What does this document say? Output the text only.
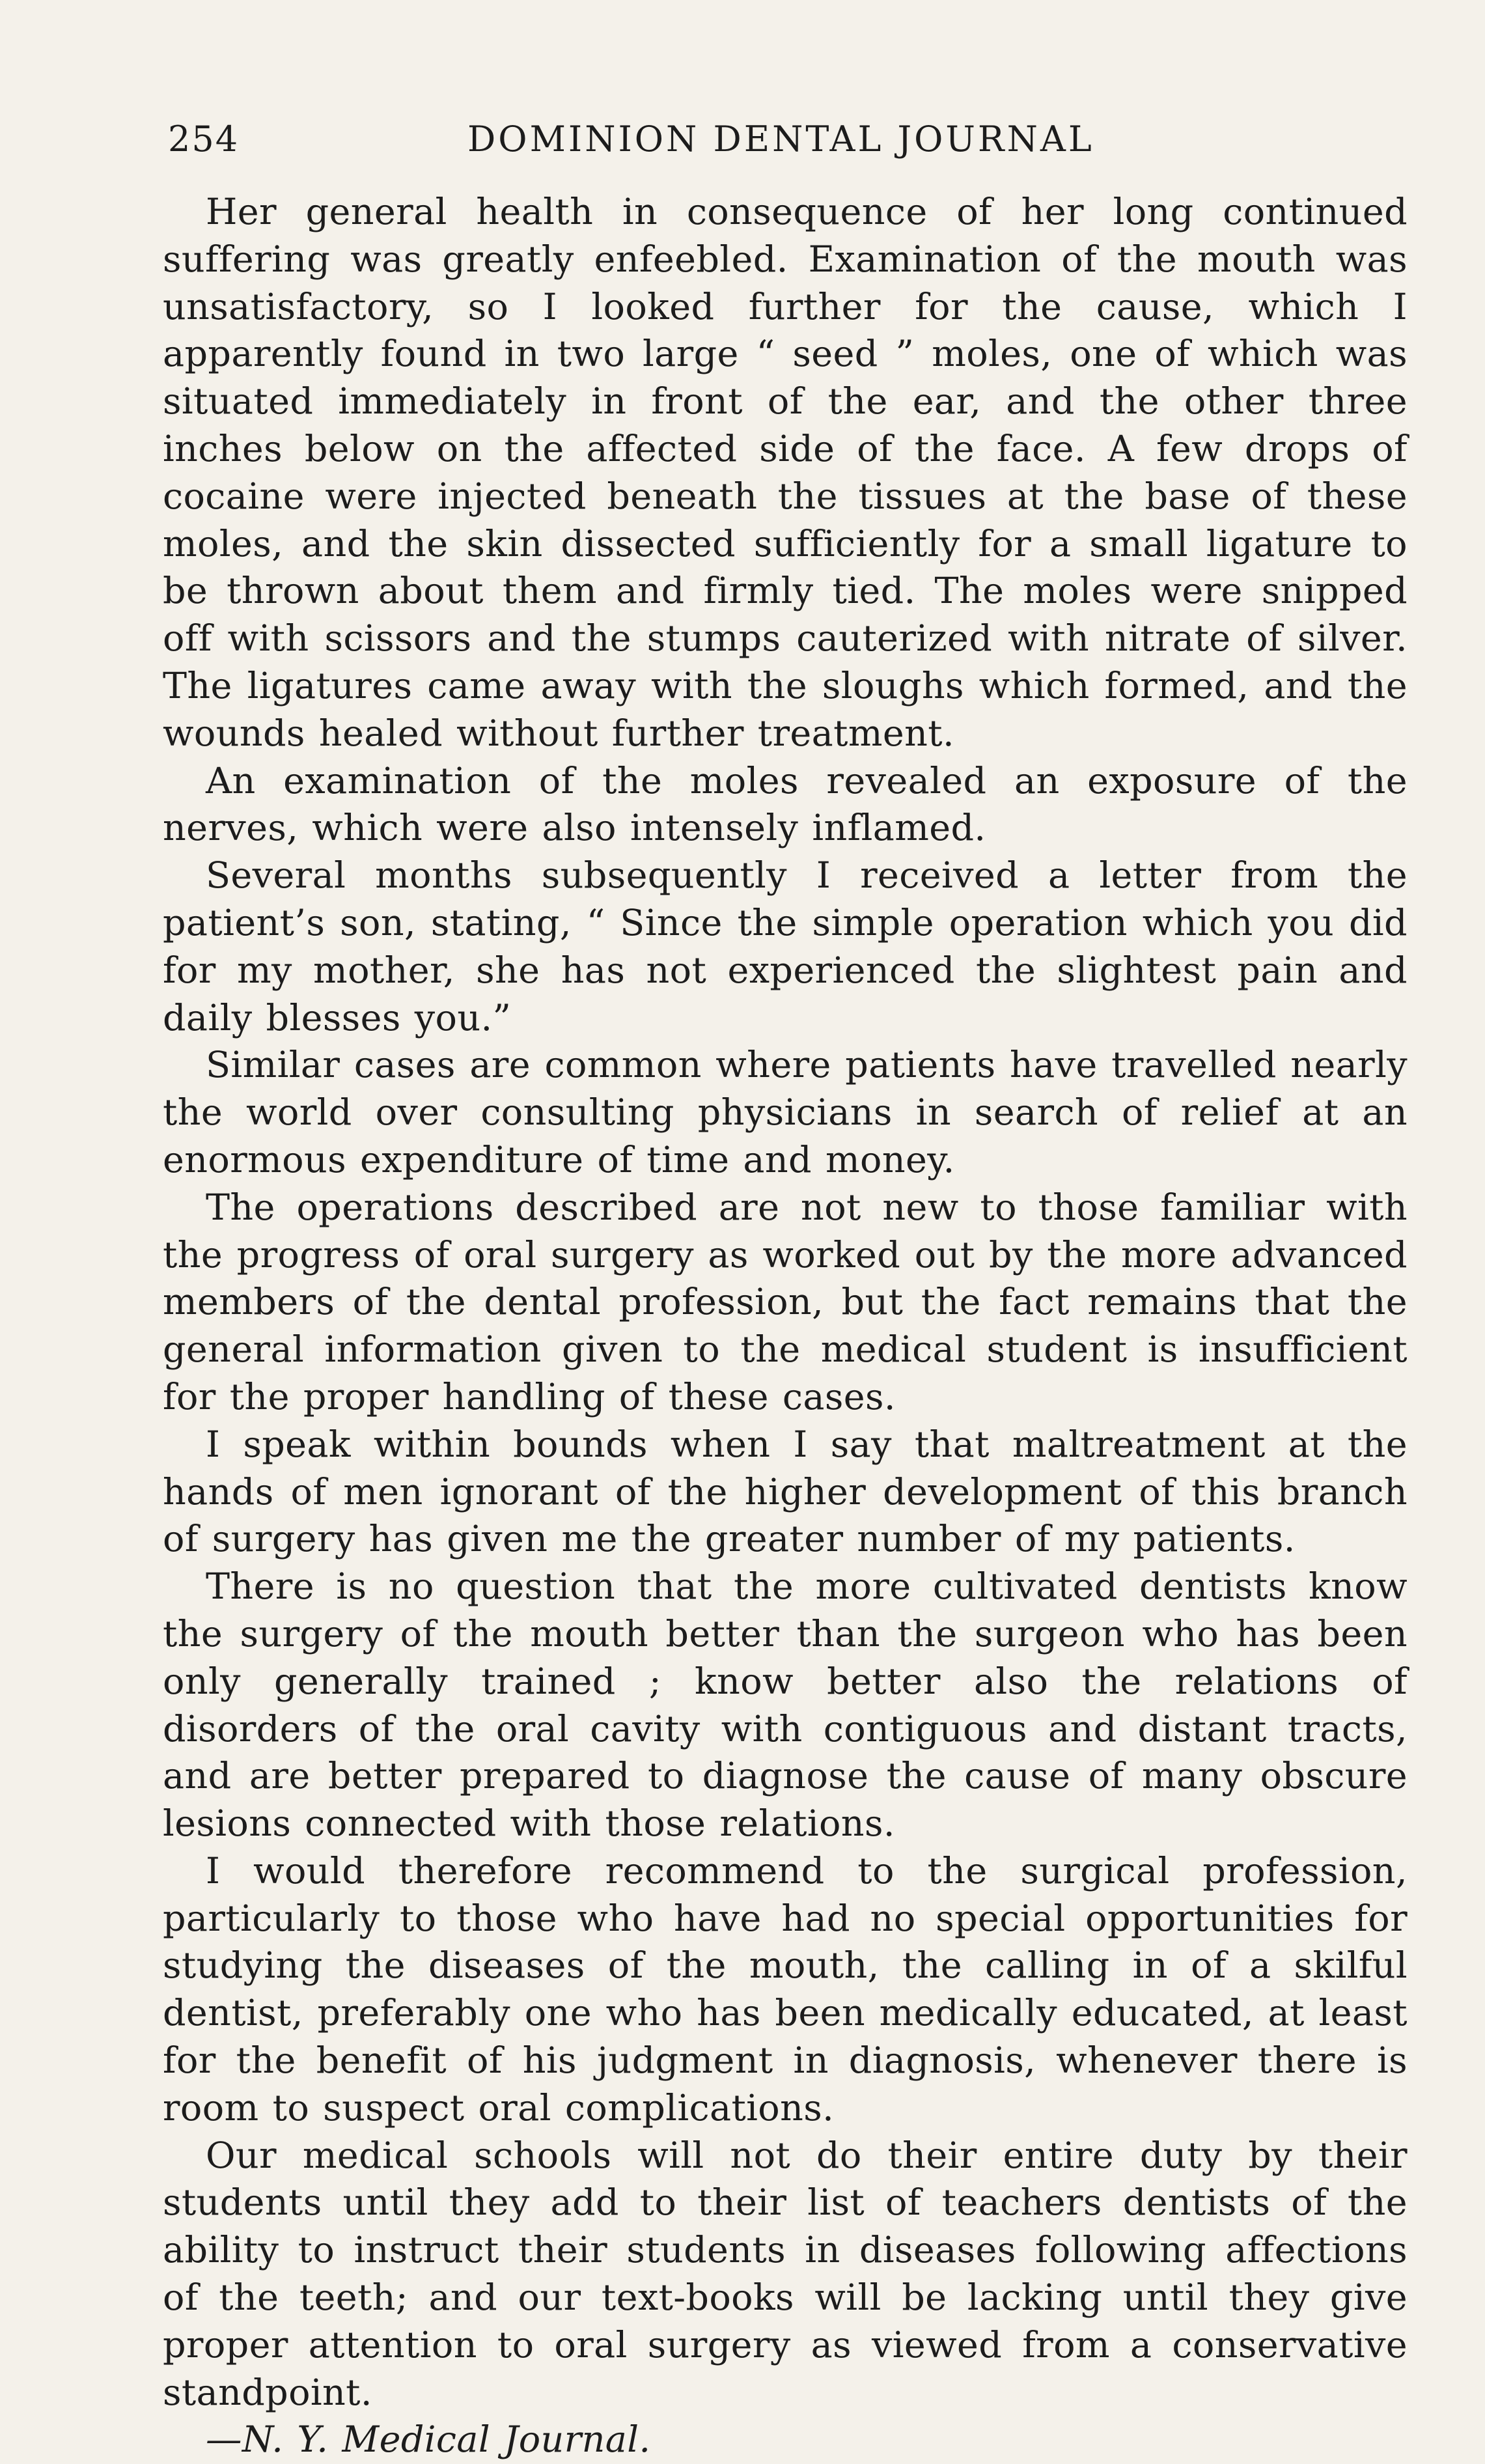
254	DOMINION DENTAL JOURNAL

Her general health in consequence of her long continued suffering was greatly enfeebled. Examination of the mouth was unsatisfactory, so I looked further for the cause, which I apparently found in two large “ seed ” moles, one of which was situated immediately in front of the ear, and the other three inches below on the affected side of the face. A few drops of cocaine were injected beneath the tissues at the base of these moles, and the skin dissected sufficiently for a small ligature to be thrown about them and firmly tied. The moles were snipped off with scissors and the stumps cauterized with nitrate of silver. The ligatures came away with the sloughs which formed, and the wounds healed without further treatment.

An examination of the moles revealed an exposure of the nerves, which were also intensely inflamed.

Several months subsequently I received a letter from the patient’s son, stating, “ Since the simple operation which you did for my mother, she has not experienced the slightest pain and daily blesses you.”

Similar cases are common where patients have travelled nearly the world over consulting physicians in search of relief at an enormous expenditure of time and money.

The operations described are not new to those familiar with the progress of oral surgery as worked out by the more advanced members of the dental profession, but the fact remains that the general information given to the medical student is insufficient for the proper handling of these cases.

I speak within bounds when I say that maltreatment at the hands of men ignorant of the higher development of this branch of surgery has given me the greater number of my patients.

There is no question that the more cultivated dentists know the surgery of the mouth better than the surgeon who has been only generally trained ; know better also the relations of disorders of the oral cavity with contiguous and distant tracts, and are better prepared to diagnose the cause of many obscure lesions connected with those relations.

I would therefore recommend to the surgical profession, particularly to those who have had no special opportunities for studying the diseases of the mouth, the calling in of a skilful dentist, preferably one who has been medically educated, at least for the benefit of his judgment in diagnosis, whenever there is room to suspect oral complications.

Our medical schools will not do their entire duty by their students until they add to their list of teachers dentists of the ability to instruct their students in diseases following affections of the teeth; and our text-books will be lacking until they give proper attention to oral surgery as viewed from a conservative standpoint.

—N. Y. Medical Journal.
